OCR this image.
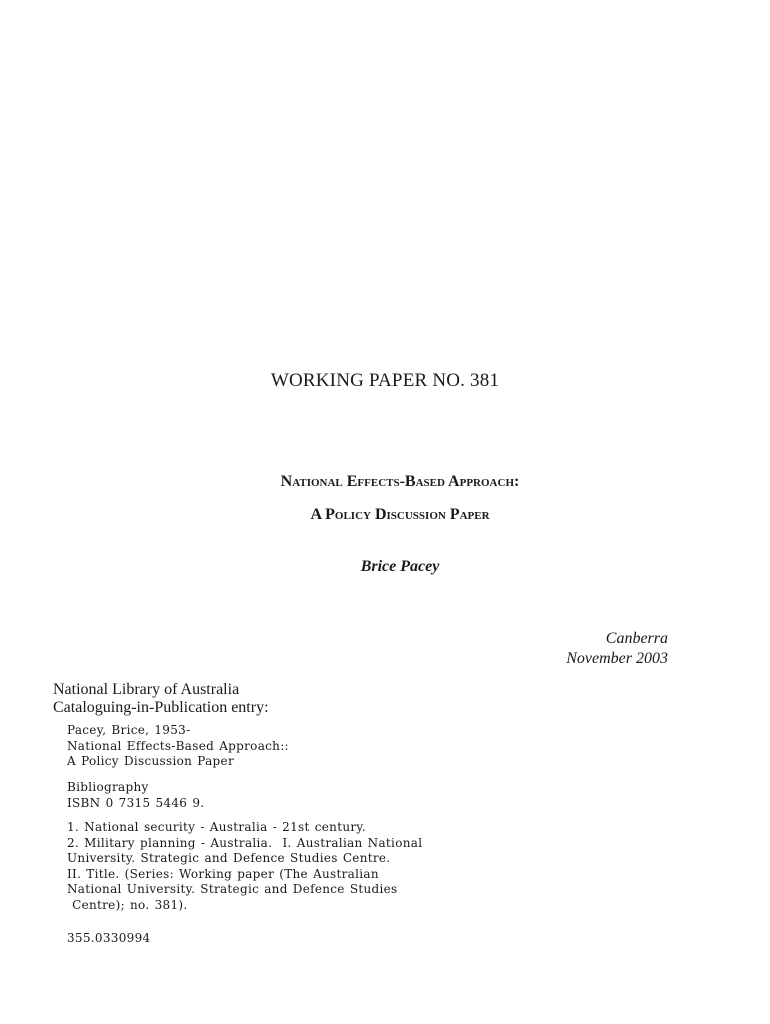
WORKING PAPER NO. 381
National Effects-Based Approach:
A Policy Discussion Paper
Brice Pacey
Canberra
November 2003
National Library of Australia
Cataloguing-in-Publication entry:
Pacey, Brice, 1953-
National Effects-Based Approach::
A Policy Discussion Paper
Bibliography
ISBN 0 7315 5446 9.
1. National security - Australia - 21st century.
2. Military planning - Australia.  I. Australian National
University. Strategic and Defence Studies Centre.
II. Title. (Series: Working paper (The Australian
National University. Strategic and Defence Studies
Centre); no. 381).
355.0330994
